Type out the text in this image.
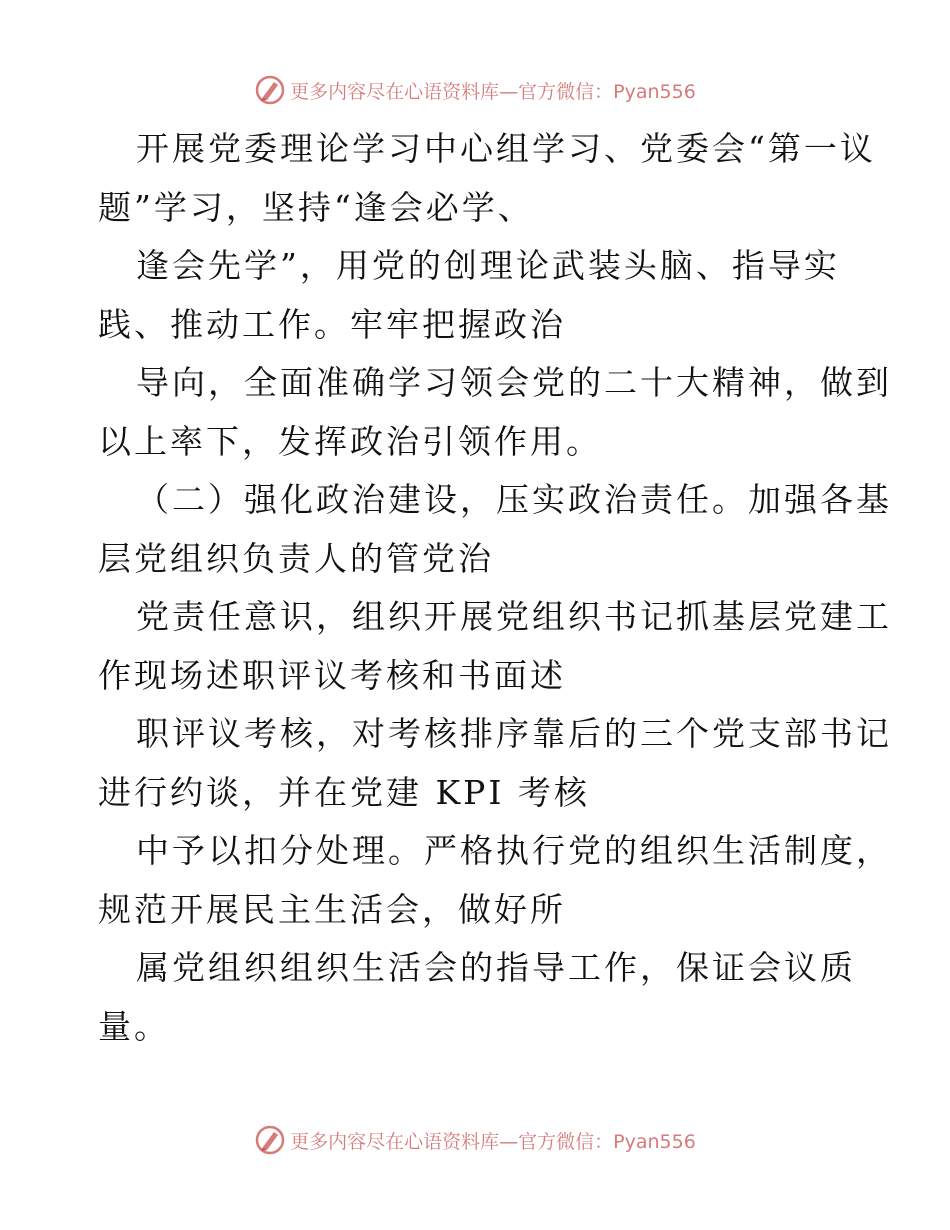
更多内容尽在心语资料库—官方微信：Pyan556
开展党委理论学习中心组学习、党委会“第一议
题”学习，坚持“逢会必学、
逢会先学”，用党的创理论武装头脑、指导实
践、推动工作。牢牢把握政治
导向，全面准确学习领会党的二十大精神，做到
以上率下，发挥政治引领作用。
（二）强化政治建设，压实政治责任。加强各基
层党组织负责人的管党治
党责任意识，组织开展党组织书记抓基层党建工
作现场述职评议考核和书面述
职评议考核，对考核排序靠后的三个党支部书记
进行约谈，并在党建 KPI 考核
中予以扣分处理。严格执行党的组织生活制度，
规范开展民主生活会，做好所
属党组织组织生活会的指导工作，保证会议质
量。
更多内容尽在心语资料库—官方微信：Pyan556
